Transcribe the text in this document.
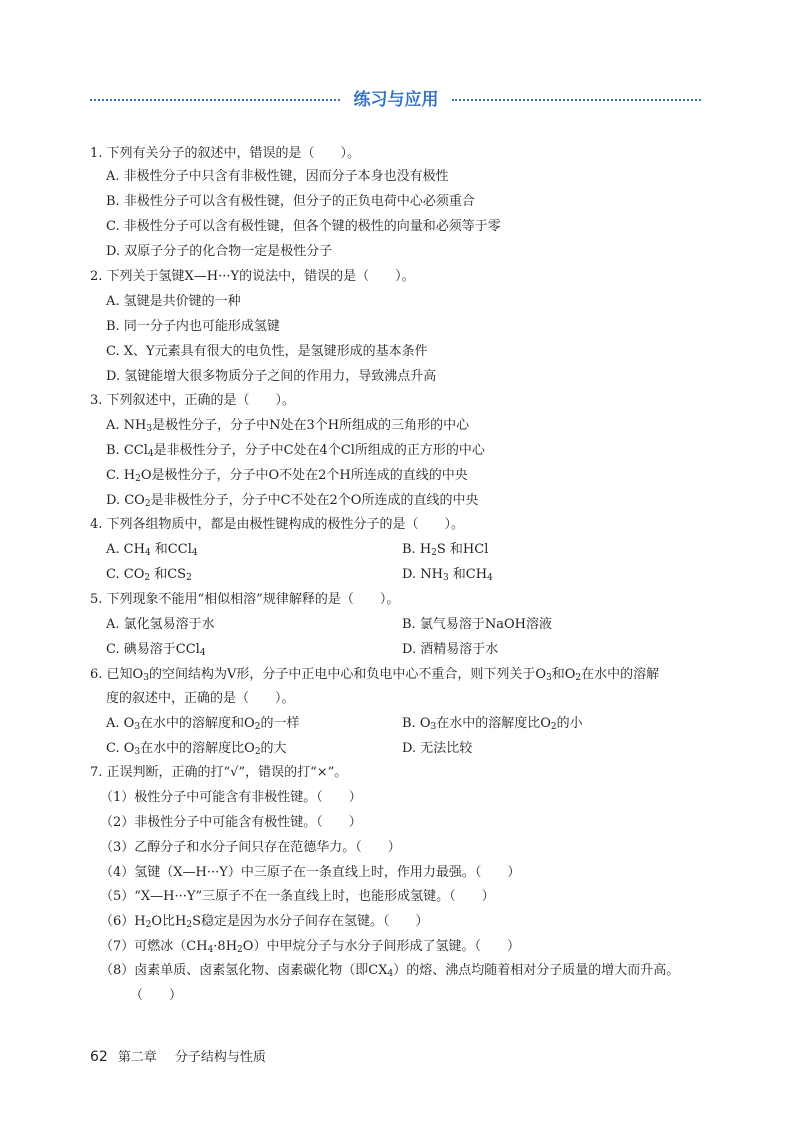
练习与应用
1. 下列有关分子的叙述中，错误的是（　　）。
A. 非极性分子中只含有非极性键，因而分子本身也没有极性
B. 非极性分子可以含有极性键，但分子的正负电荷中心必须重合
C. 非极性分子可以含有极性键，但各个键的极性的向量和必须等于零
D. 双原子分子的化合物一定是极性分子
2. 下列关于氢键X—H···Y的说法中，错误的是（　　）。
A. 氢键是共价键的一种
B. 同一分子内也可能形成氢键
C. X、Y元素具有很大的电负性，是氢键形成的基本条件
D. 氢键能增大很多物质分子之间的作用力，导致沸点升高
3. 下列叙述中，正确的是（　　）。
A. $NH_3$是极性分子，分子中N处在3个H所组成的三角形的中心
B. CCl$_4$是非极性分子，分子中C处在4个Cl所组成的正方形的中心
C. $H_2O$是极性分子，分子中O不处在2个H所连成的直线的中央
D. $CO_2$是非极性分子，分子中C不处在2个O所连成的直线的中央
4. 下列各组物质中，都是由极性键构成的极性分子的是（　　）。
A. $CH_4$ 和CCl$_4$	B. $H_2S$ 和HCl
C. $CO_2$ 和$CS_2$	D. $NH_3$ 和$CH_4$
5. 下列现象不能用“相似相溶”规律解释的是（　　）。
A. 氯化氢易溶于水	B. 氯气易溶于NaOH溶液
C. 碘易溶于CCl$_4$	D. 酒精易溶于水
6. 已知$O_3$的空间结构为V形，分子中正电中心和负电中心不重合，则下列关于$O_3$和$O_2$在水中的溶解
度的叙述中，正确的是（　　）。
A. $O_3$在水中的溶解度和$O_2$的一样	B. $O_3$在水中的溶解度比$O_2$的小
C. $O_3$在水中的溶解度比$O_2$的大	D. 无法比较
7. 正误判断，正确的打“√”，错误的打“×”。
（1）极性分子中可能含有非极性键。（　　）
（2）非极性分子中可能含有极性键。（　　）
（3）乙醇分子和水分子间只存在范德华力。（　　）
（4）氢键（X—H···Y）中三原子在一条直线上时，作用力最强。（　　）
（5）“X—H···Y”三原子不在一条直线上时，也能形成氢键。（　　）
$(6)H_2O$比$H_2S$稳定是因为水分子间存在氢键。（　　）
（7）可燃冰$(CH_4\cdot 8H_2O)$中甲烷分子与水分子间形成了氢键。（　　）
（8）卤素单质、卤素氢化物、卤素碳化物（即$CX_4$）的熔、沸点均随着相对分子质量的增大而升高。
（　　）
62 第二章 分子结构与性质
